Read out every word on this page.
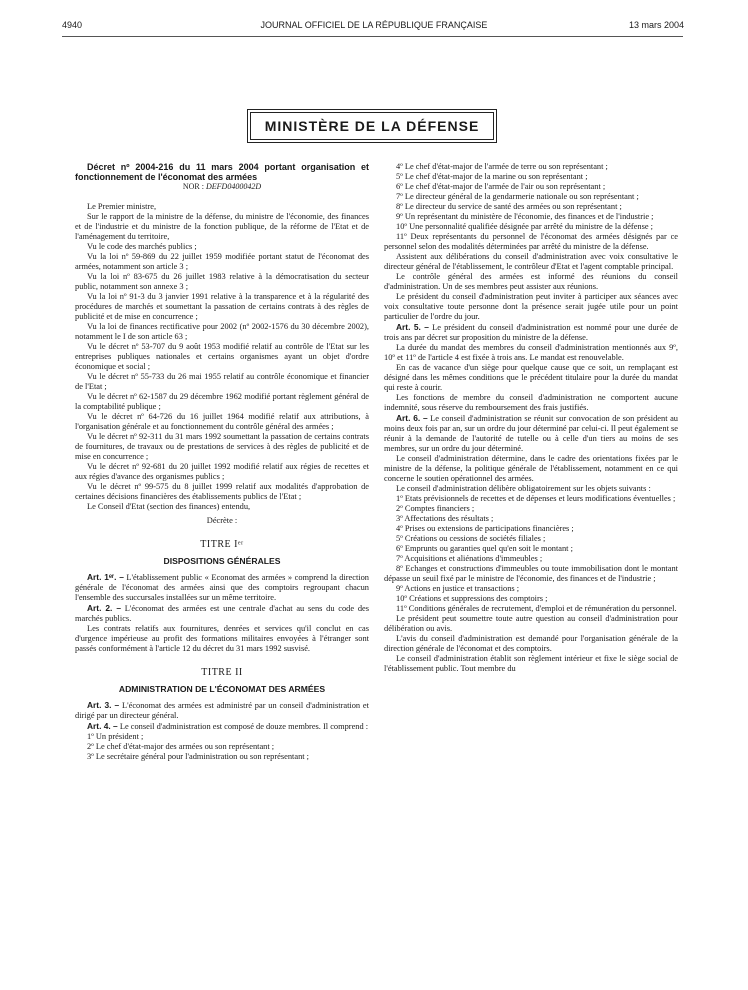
4940	JOURNAL OFFICIEL DE LA RÉPUBLIQUE FRANÇAISE	13 mars 2004
MINISTÈRE DE LA DÉFENSE

Décret nº 2004-216 du 11 mars 2004 portant organisation et fonctionnement de l'économat des armées

NOR : DEFD0400042D

Le Premier ministre,

Sur le rapport de la ministre de la défense, du ministre de l'économie, des finances et de l'industrie et du ministre de la fonction publique, de la réforme de l'Etat et de l'aménagement du territoire,

Vu le code des marchés publics ;

Vu la loi nº 59-869 du 22 juillet 1959 modifiée portant statut de l'économat des armées, notamment son article 3 ;

Vu la loi nº 83-675 du 26 juillet 1983 relative à la démocratisation du secteur public, notamment son annexe 3 ;

Vu la loi nº 91-3 du 3 janvier 1991 relative à la transparence et à la régularité des procédures de marchés et soumettant la passation de certains contrats à des règles de publicité et de mise en concurrence ;

Vu la loi de finances rectificative pour 2002 (nº 2002-1576 du 30 décembre 2002), notamment le I de son article 63 ;

Vu le décret nº 53-707 du 9 août 1953 modifié relatif au contrôle de l'Etat sur les entreprises publiques nationales et certains organismes ayant un objet d'ordre économique et social ;

Vu le décret nº 55-733 du 26 mai 1955 relatif au contrôle économique et financier de l'Etat ;

Vu le décret nº 62-1587 du 29 décembre 1962 modifié portant règlement général de la comptabilité publique ;

Vu le décret nº 64-726 du 16 juillet 1964 modifié relatif aux attributions, à l'organisation générale et au fonctionnement du contrôle général des armées ;

Vu le décret nº 92-311 du 31 mars 1992 soumettant la passation de certains contrats de fournitures, de travaux ou de prestations de services à des règles de publicité et de mise en concurrence ;

Vu le décret nº 92-681 du 20 juillet 1992 modifié relatif aux régies de recettes et aux régies d'avance des organismes publics ;

Vu le décret nº 99-575 du 8 juillet 1999 relatif aux modalités d'approbation de certaines décisions financières des établissements publics de l'Etat ;

Le Conseil d'Etat (section des finances) entendu,

Décrète :

TITRE Iᵉʳ
DISPOSITIONS GÉNÉRALES

Art. 1ᵉʳ. – L'établissement public « Economat des armées » comprend la direction générale de l'économat des armées ainsi que des comptoirs regroupant chacun l'ensemble des succursales installées sur un même territoire.

Art. 2. – L'économat des armées est une centrale d'achat au sens du code des marchés publics.

Les contrats relatifs aux fournitures, denrées et services qu'il conclut en cas d'urgence impérieuse au profit des formations militaires envoyées à l'étranger sont passés conformément à l'article 12 du décret du 31 mars 1992 susvisé.

TITRE II
ADMINISTRATION DE L'ÉCONOMAT DES ARMÉES

Art. 3. – L'économat des armées est administré par un conseil d'administration et dirigé par un directeur général.

Art. 4. – Le conseil d'administration est composé de douze membres. Il comprend :

1º Un président ;

2º Le chef d'état-major des armées ou son représentant ;

3º Le secrétaire général pour l'administration ou son représentant ;

4º Le chef d'état-major de l'armée de terre ou son représentant ;

5º Le chef d'état-major de la marine ou son représentant ;

6º Le chef d'état-major de l'armée de l'air ou son représentant ;

7º Le directeur général de la gendarmerie nationale ou son représentant ;

8º Le directeur du service de santé des armées ou son représentant ;

9º Un représentant du ministère de l'économie, des finances et de l'industrie ;

10º Une personnalité qualifiée désignée par arrêté du ministre de la défense ;

11º Deux représentants du personnel de l'économat des armées désignés par ce personnel selon des modalités déterminées par arrêté du ministre de la défense.

Assistent aux délibérations du conseil d'administration avec voix consultative le directeur général de l'établissement, le contrôleur d'Etat et l'agent comptable principal.

Le contrôle général des armées est informé des réunions du conseil d'administration. Un de ses membres peut assister aux réunions.

Le président du conseil d'administration peut inviter à participer aux séances avec voix consultative toute personne dont la présence serait jugée utile pour un point particulier de l'ordre du jour.

Art. 5. – Le président du conseil d'administration est nommé pour une durée de trois ans par décret sur proposition du ministre de la défense.

La durée du mandat des membres du conseil d'administration mentionnés aux 9º, 10º et 11º de l'article 4 est fixée à trois ans. Le mandat est renouvelable.

En cas de vacance d'un siège pour quelque cause que ce soit, un remplaçant est désigné dans les mêmes conditions que le précédent titulaire pour la durée du mandat qui reste à courir.

Les fonctions de membre du conseil d'administration ne comportent aucune indemnité, sous réserve du remboursement des frais justifiés.

Art. 6. – Le conseil d'administration se réunit sur convocation de son président au moins deux fois par an, sur un ordre du jour déterminé par celui-ci. Il peut également se réunir à la demande de l'autorité de tutelle ou à celle d'un tiers au moins de ses membres, sur un ordre du jour déterminé.

Le conseil d'administration détermine, dans le cadre des orientations fixées par le ministre de la défense, la politique générale de l'établissement, notamment en ce qui concerne le soutien opérationnel des armées.

Le conseil d'administration délibère obligatoirement sur les objets suivants :

1º Etats prévisionnels de recettes et de dépenses et leurs modifications éventuelles ;

2º Comptes financiers ;

3º Affectations des résultats ;

4º Prises ou extensions de participations financières ;

5º Créations ou cessions de sociétés filiales ;

6º Emprunts ou garanties quel qu'en soit le montant ;

7º Acquisitions et aliénations d'immeubles ;

8º Echanges et constructions d'immeubles ou toute immobilisation dont le montant dépasse un seuil fixé par le ministre de l'économie, des finances et de l'industrie ;

9º Actions en justice et transactions ;

10º Créations et suppressions des comptoirs ;

11º Conditions générales de recrutement, d'emploi et de rémunération du personnel.

Le président peut soumettre toute autre question au conseil d'administration pour délibération ou avis.

L'avis du conseil d'administration est demandé pour l'organisation générale de la direction générale de l'économat et des comptoirs.

Le conseil d'administration établit son règlement intérieur et fixe le siège social de l'établissement public. Tout membre du
